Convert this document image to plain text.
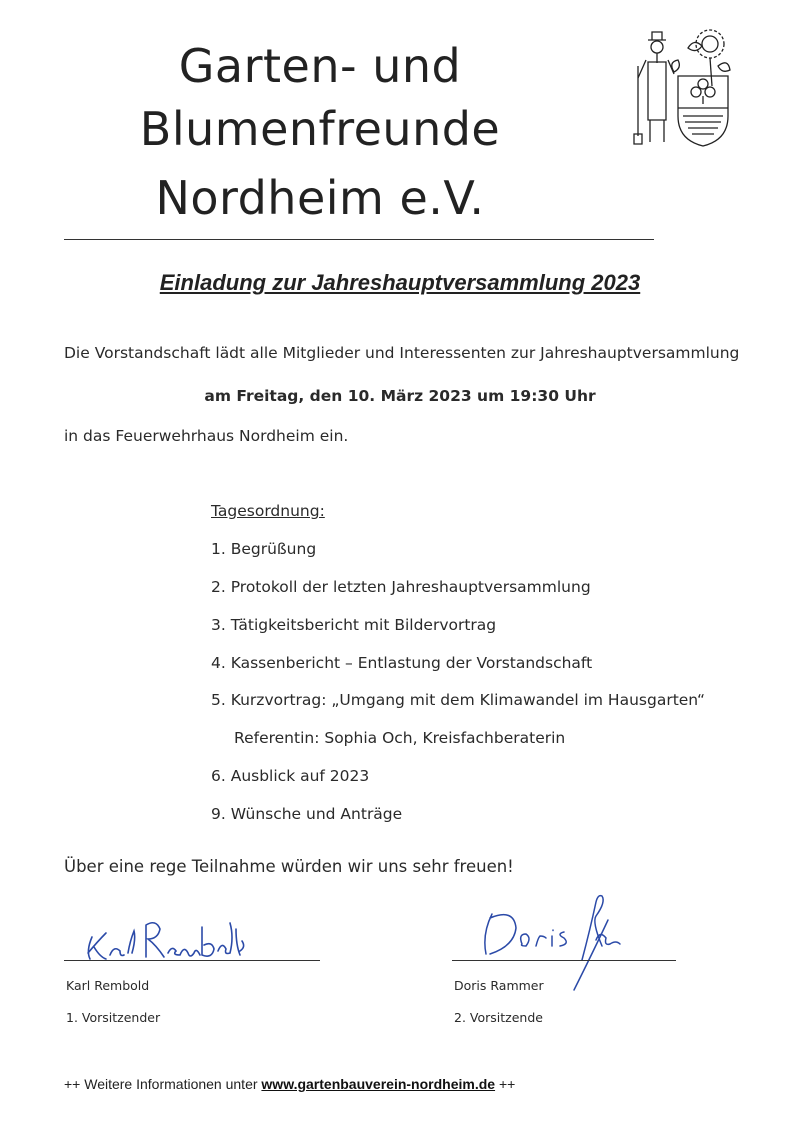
Garten- und
Blumenfreunde
Nordheim e.V.
Einladung zur Jahreshauptversammlung 2023
Die Vorstandschaft lädt alle Mitglieder und Interessenten zur Jahreshauptversammlung
am Freitag, den 10. März 2023 um 19:30 Uhr
in das Feuerwehrhaus Nordheim ein.
Tagesordnung:
1. Begrüßung
2. Protokoll der letzten Jahreshauptversammlung
3. Tätigkeitsbericht mit Bildervortrag
4. Kassenbericht – Entlastung der Vorstandschaft
5. Kurzvortrag: „Umgang mit dem Klimawandel im Hausgarten“
Referentin: Sophia Och, Kreisfachberaterin
6. Ausblick auf 2023
9. Wünsche und Anträge
Über eine rege Teilnahme würden wir uns sehr freuen!
Karl Rembold
1. Vorsitzender
Doris Rammer
2. Vorsitzende
++ Weitere Informationen unter www.gartenbauverein-nordheim.de ++
